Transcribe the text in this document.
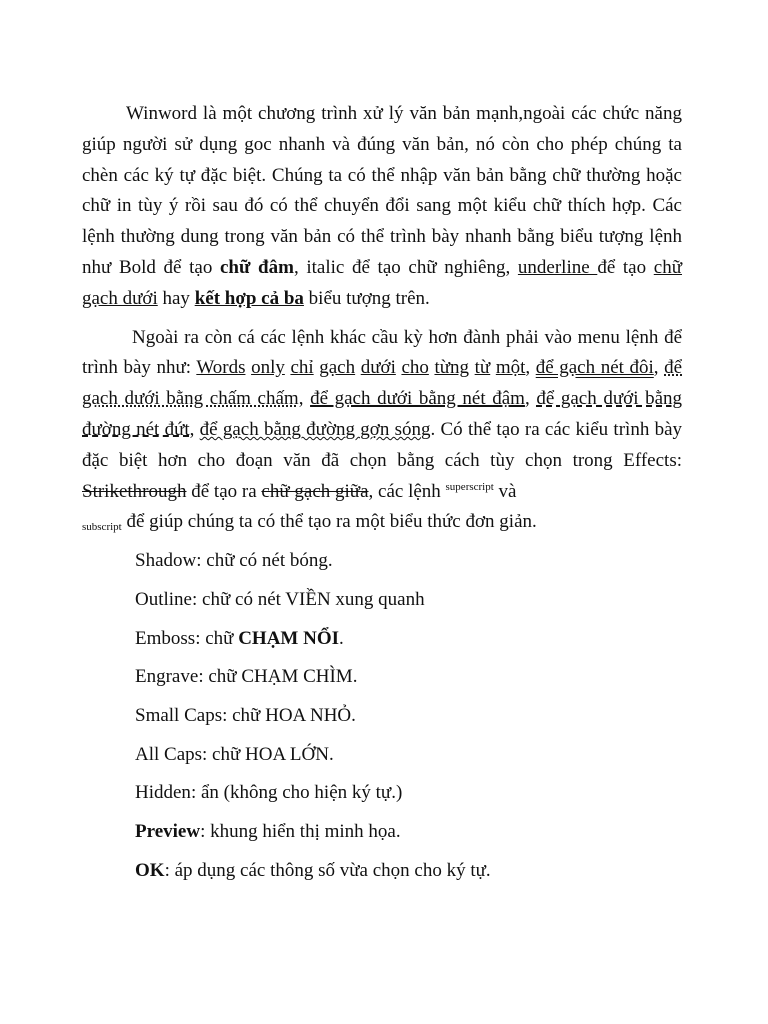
Winword là một chương trình xử lý văn bản mạnh,ngoài các chức năng giúp người sử dụng goc nhanh và đúng văn bản, nó còn cho phép chúng ta chèn các ký tự đặc biệt. Chúng ta có thể nhập văn bản bằng chữ thường hoặc chữ in tùy ý rồi sau đó có thể chuyển đổi sang một kiểu chữ thích hợp. Các lệnh thường dung trong văn bản có thể trình bày nhanh bằng biểu tượng lệnh như Bold để tạo chữ đâm, italic để tạo chữ nghiêng, underline để tạo chữ gạch dưới hay kết hợp cả ba biểu tượng trên.

Ngoài ra còn cá các lệnh khác cầu kỳ hơn đành phải vào menu lệnh để trình bày như: Words only chỉ gạch dưới cho từng từ một, để gạch nét đôi, để gạch dưới bằng chấm chấm, để gạch dưới bằng nét đậm, để gạch dưới bằng đường nét đứt, để gạch bằng đường gợn sóng. Có thể tạo ra các kiểu trình bày đặc biệt hơn cho đoạn văn đã chọn bằng cách tùy chọn trong Effects: Strikethrough để tạo ra chữ gạch giữa, các lệnh $^{superscript}$ và
$_{subscript}$ để giúp chúng ta có thể tạo ra một biểu thức đơn giản.

Shadow: chữ có nét bóng.
Outline: chữ có nét VIỀN xung quanh
Emboss: chữ CHẠM NỔI.
Engrave: chữ CHẠM CHÌM.
Small Caps: chữ HOA NHỎ.
All Caps: chữ HOA LỚN.
Hidden: ẩn (không cho hiện ký tự.)
Preview: khung hiển thị minh họa.
OK: áp dụng các thông số vừa chọn cho ký tự.
